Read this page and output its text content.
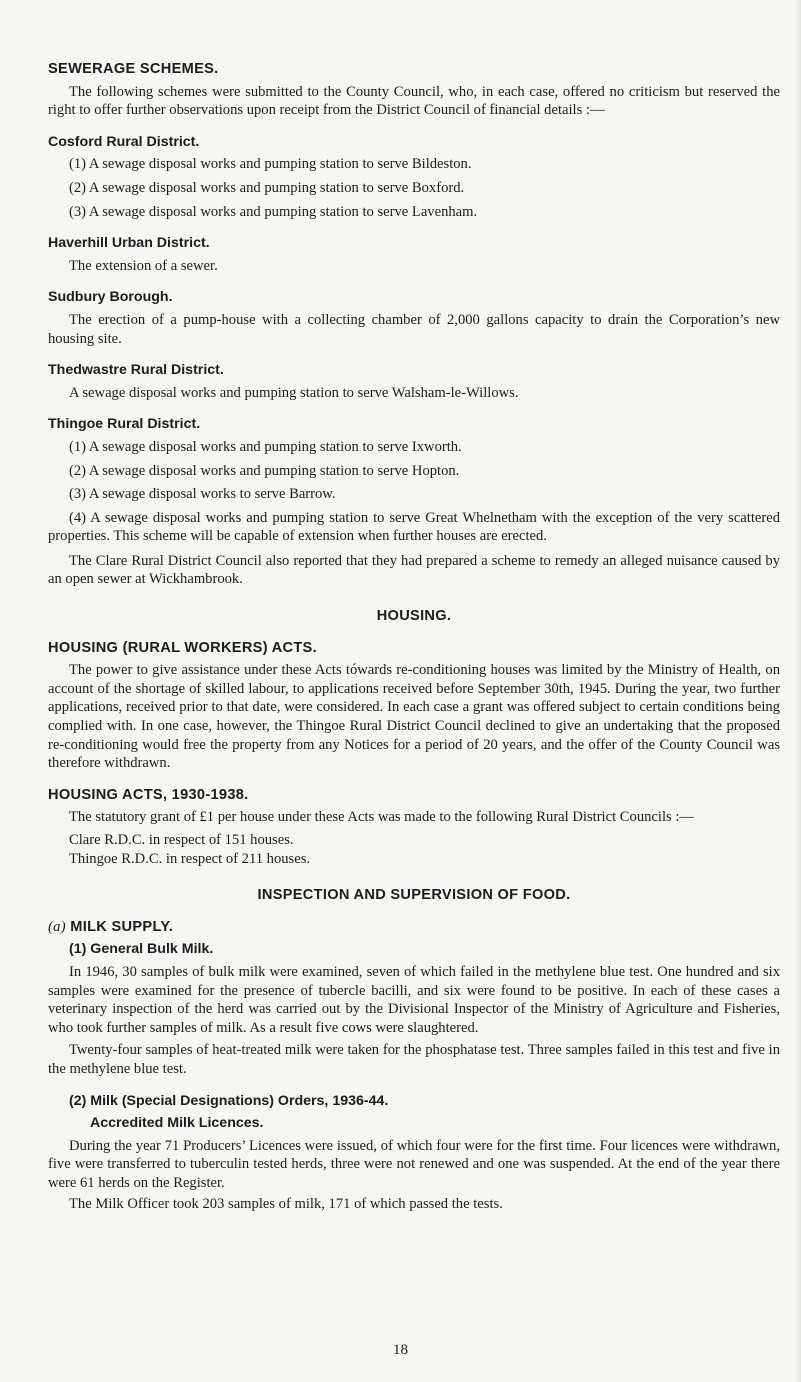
SEWERAGE SCHEMES.

The following schemes were submitted to the County Council, who, in each case, offered no criticism but reserved the right to offer further observations upon receipt from the District Council of financial details :—

Cosford Rural District.

(1) A sewage disposal works and pumping station to serve Bildeston.

(2) A sewage disposal works and pumping station to serve Boxford.

(3) A sewage disposal works and pumping station to serve Lavenham.

Haverhill Urban District.

The extension of a sewer.

Sudbury Borough.

The erection of a pump-house with a collecting chamber of 2,000 gallons capacity to drain the Corporation’s new housing site.

Thedwastre Rural District.

A sewage disposal works and pumping station to serve Walsham-le-Willows.

Thingoe Rural District.

(1) A sewage disposal works and pumping station to serve Ixworth.

(2) A sewage disposal works and pumping station to serve Hopton.

(3) A sewage disposal works to serve Barrow.

(4) A sewage disposal works and pumping station to serve Great Whelnetham with the exception of the very scattered properties. This scheme will be capable of extension when further houses are erected.

The Clare Rural District Council also reported that they had prepared a scheme to remedy an alleged nuisance caused by an open sewer at Wickhambrook.

HOUSING.
HOUSING (RURAL WORKERS) ACTS.

The power to give assistance under these Acts tówards re-conditioning houses was limited by the Ministry of Health, on account of the shortage of skilled labour, to applications received before September 30th, 1945. During the year, two further applications, received prior to that date, were considered. In each case a grant was offered subject to certain conditions being complied with. In one case, however, the Thingoe Rural District Council declined to give an undertaking that the proposed re-conditioning would free the property from any Notices for a period of 20 years, and the offer of the County Council was therefore withdrawn.

HOUSING ACTS, 1930-1938.

The statutory grant of £1 per house under these Acts was made to the following Rural District Councils :—

Clare R.D.C. in respect of 151 houses.

Thingoe R.D.C. in respect of 211 houses.

INSPECTION AND SUPERVISION OF FOOD.
(a) MILK SUPPLY.
(1) General Bulk Milk.

In 1946, 30 samples of bulk milk were examined, seven of which failed in the methylene blue test. One hundred and six samples were examined for the presence of tubercle bacilli, and six were found to be positive. In each of these cases a veterinary inspection of the herd was carried out by the Divisional Inspector of the Ministry of Agriculture and Fisheries, who took further samples of milk. As a result five cows were slaughtered.

Twenty-four samples of heat-treated milk were taken for the phosphatase test. Three samples failed in this test and five in the methylene blue test.

(2) Milk (Special Designations) Orders, 1936-44.
Accredited Milk Licences.

During the year 71 Producers’ Licences were issued, of which four were for the first time. Four licences were withdrawn, five were transferred to tuberculin tested herds, three were not renewed and one was suspended. At the end of the year there were 61 herds on the Register.

The Milk Officer took 203 samples of milk, 171 of which passed the tests.

18
